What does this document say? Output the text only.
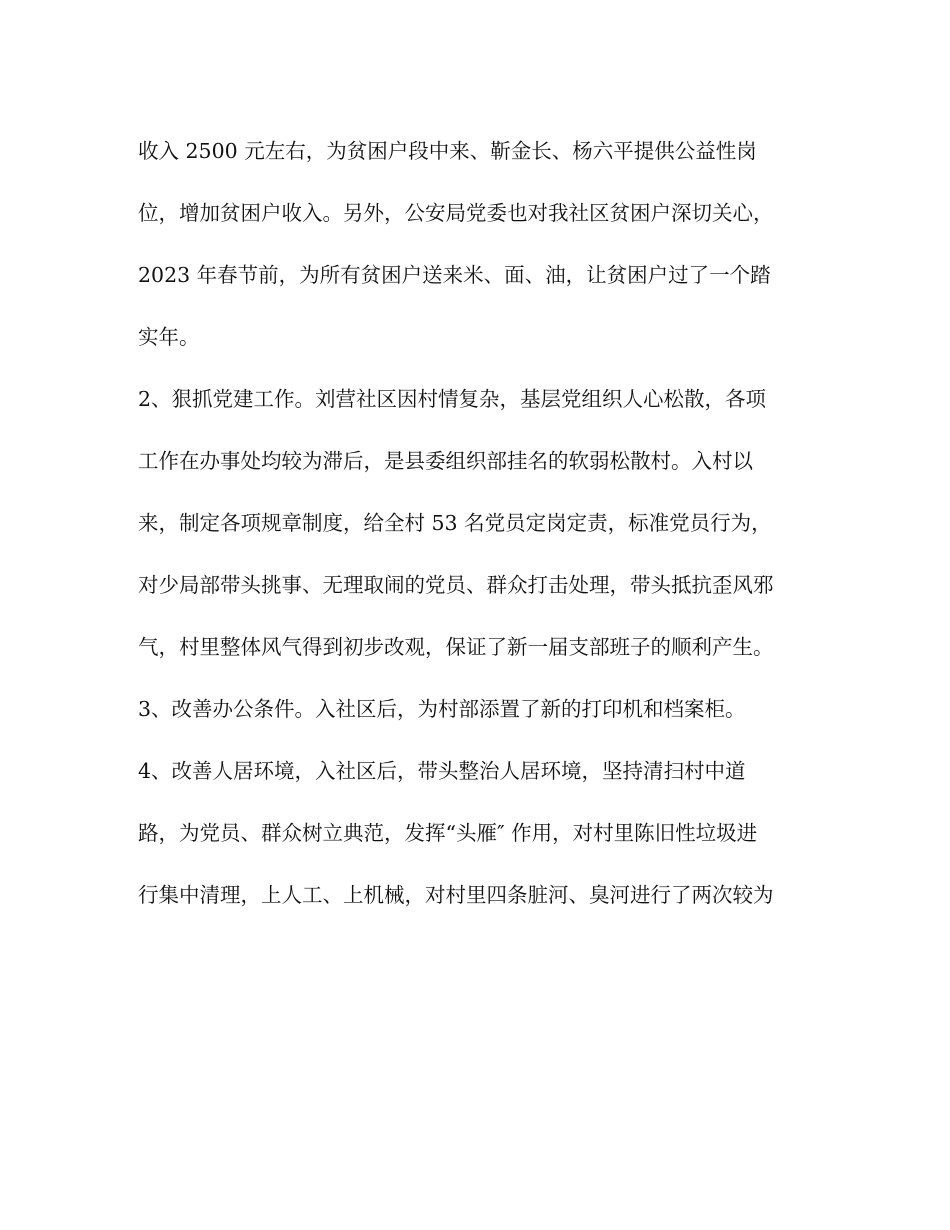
收入 2500 元左右，为贫困户段中来、靳金长、杨六平提供公益性岗
位，增加贫困户收入。另外，公安局党委也对我社区贫困户深切关心，
2023 年春节前，为所有贫困户送来米、面、油，让贫困户过了一个踏
实年。
2、狠抓党建工作。刘营社区因村情复杂，基层党组织人心松散，各项
工作在办事处均较为滞后，是县委组织部挂名的软弱松散村。入村以
来，制定各项规章制度，给全村 53 名党员定岗定责，标准党员行为，
对少局部带头挑事、无理取闹的党员、群众打击处理，带头抵抗歪风邪
气，村里整体风气得到初步改观，保证了新一届支部班子的顺利产生。
3、改善办公条件。入社区后，为村部添置了新的打印机和档案柜。
4、改善人居环境，入社区后，带头整治人居环境，坚持清扫村中道
路，为党员、群众树立典范，发挥“头雁″ 作用，对村里陈旧性垃圾进
行集中清理，上人工、上机械，对村里四条脏河、臭河进行了两次较为
